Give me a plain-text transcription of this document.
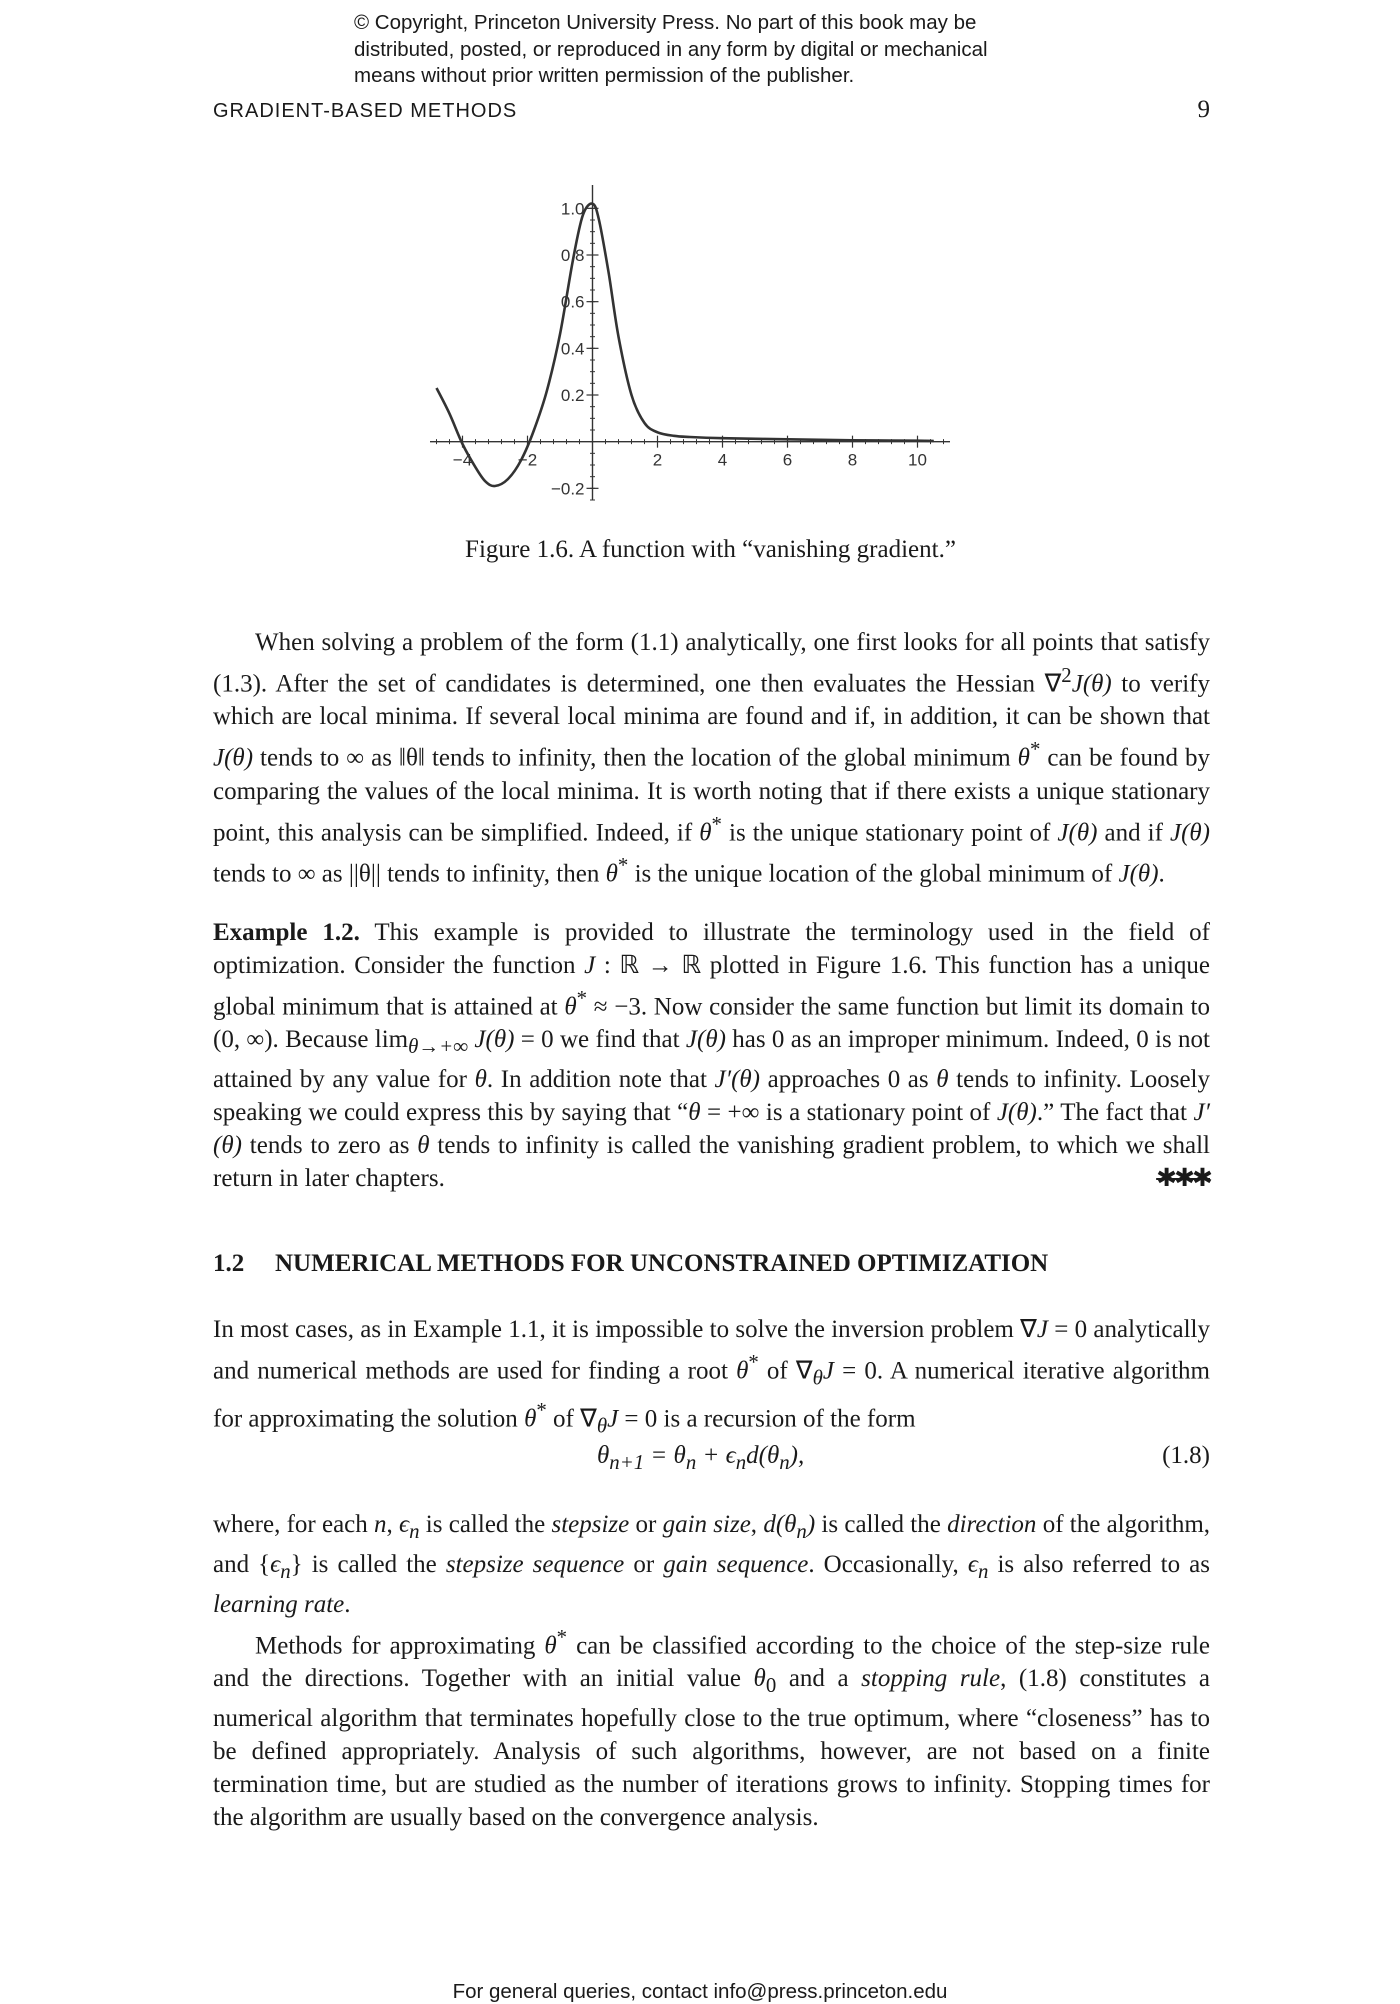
© Copyright, Princeton University Press. No part of this book may be
distributed, posted, or reproduced in any form by digital or mechanical
means without prior written permission of the publisher.
GRADIENT-BASED METHODS	9
−4	−2	2	4	6	8	10
−0.2
0.2
0.4
0.6
0.8
1.0
Figure 1.6. A function with “vanishing gradient.”

When solving a problem of the form (1.1) analytically, one first looks for all points that satisfy (1.3). After the set of candidates is determined, one then evaluates the Hessian ∇$^2$J(θ) to verify which are local minima. If several local minima are found and if, in addition, it can be shown that J(θ) tends to ∞ as ‖θ‖ tends to infinity, then the location of the global minimum θ* can be found by comparing the values of the local minima. It is worth noting that if there exists a unique stationary point, this analysis can be simplified. Indeed, if θ* is the unique stationary point of J(θ) and if J(θ) tends to ∞ as ||θ|| tends to infinity, then θ* is the unique location of the global minimum of J(θ).

Example 1.2. This example is provided to illustrate the terminology used in the field of optimization. Consider the function J : ℝ → ℝ plotted in Figure 1.6. This function has a unique global minimum that is attained at θ* ≈ −3. Now consider the same function but limit its domain to (0, ∞). Because $\lim_{\theta\to+\infty} J(\theta) = 0$ we find that J(θ) has 0 as an improper minimum. Indeed, 0 is not attained by any value for θ. In addition note that J′(θ) approaches 0 as θ tends to infinity. Loosely speaking we could express this by saying that “θ = +∞ is a stationary point of J(θ).” The fact that J′(θ) tends to zero as θ tends to infinity is called the vanishing gradient problem, to which we shall return in later chapters.	✱✱✱

1.2 NUMERICAL METHODS FOR UNCONSTRAINED OPTIMIZATION

In most cases, as in Example 1.1, it is impossible to solve the inversion problem ∇J = 0 analytically and numerical methods are used for finding a root θ* of $\nabla_\theta J = 0$. A numerical iterative algorithm for approximating the solution θ* of $\nabla_\theta J = 0$ is a recursion of the form

$\theta_{n+1} = \theta_n + \epsilon_nd(\theta_n)$,	(1.8)

where, for each n, $\epsilon_n$ is called the stepsize or gain size, $d(\theta_n)$ is called the direction of the algorithm, and $\{\epsilon_n\}$ is called the stepsize sequence or gain sequence. Occasionally, $\epsilon_n$ is also referred to as learning rate.

Methods for approximating θ* can be classified according to the choice of the step-size rule and the directions. Together with an initial value $\theta_0$ and a stopping rule, (1.8) constitutes a numerical algorithm that terminates hopefully close to the true optimum, where “closeness” has to be defined appropriately. Analysis of such algorithms, however, are not based on a finite termination time, but are studied as the number of iterations grows to infinity. Stopping times for the algorithm are usually based on the convergence analysis.

For general queries, contact info@press.princeton.edu
